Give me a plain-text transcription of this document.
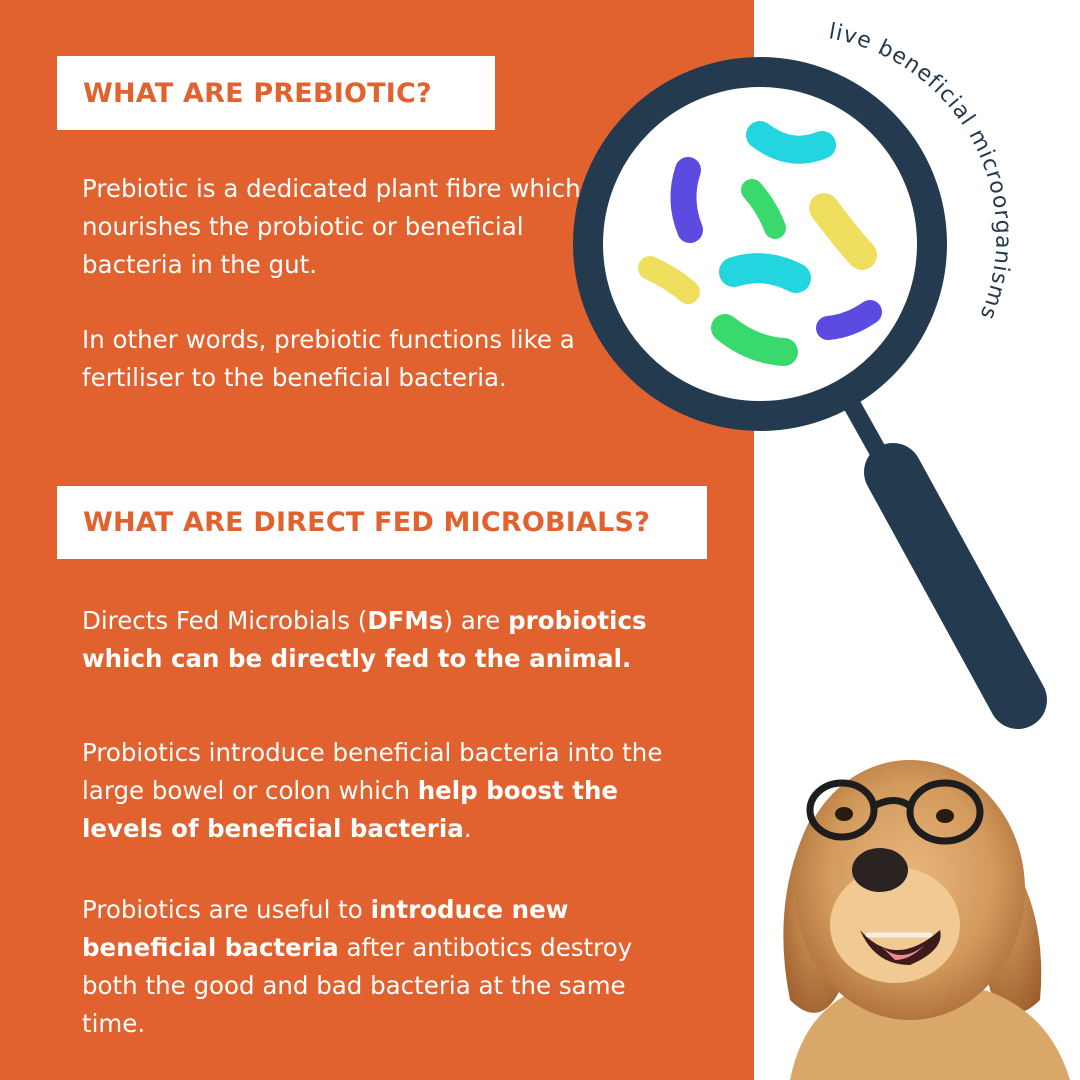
WHAT ARE PREBIOTIC?

Prebiotic is a dedicated plant fibre which nourishes the probiotic or beneficial bacteria in the gut.

In other words, prebiotic functions like a fertiliser to the beneficial bacteria.

WHAT ARE DIRECT FED MICROBIALS?

Directs Fed Microbials (DFMs) are probiotics which can be directly fed to the animal.

Probiotics introduce beneficial bacteria into the large bowel or colon which help boost the levels of beneficial bacteria.

Probiotics are useful to introduce new beneficial bacteria after antibotics destroy both the good and bad bacteria at the same time.

live beneficial microorganisms
